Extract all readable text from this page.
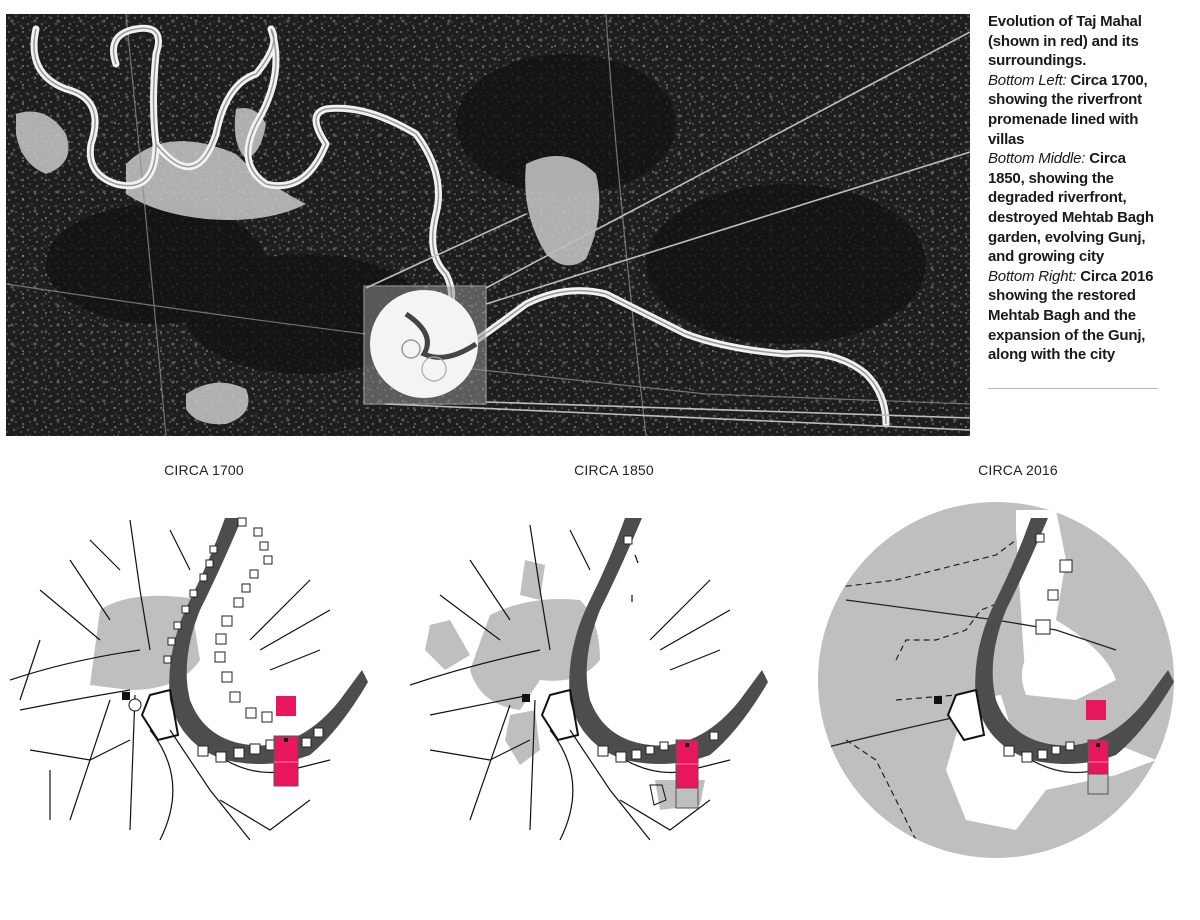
Evolution of Taj Mahal (shown in red) and its surroundings.
Bottom Left: Circa 1700, showing the riverfront promenade lined with villas
Bottom Middle: Circa 1850, showing the degraded riverfront, destroyed Mehtab Bagh garden, evolving Gunj, and growing city
Bottom Right: Circa 2016 showing the restored Mehtab Bagh and the expansion of the Gunj, along with the city
CIRCA 1700	CIRCA 1850	CIRCA 2016
